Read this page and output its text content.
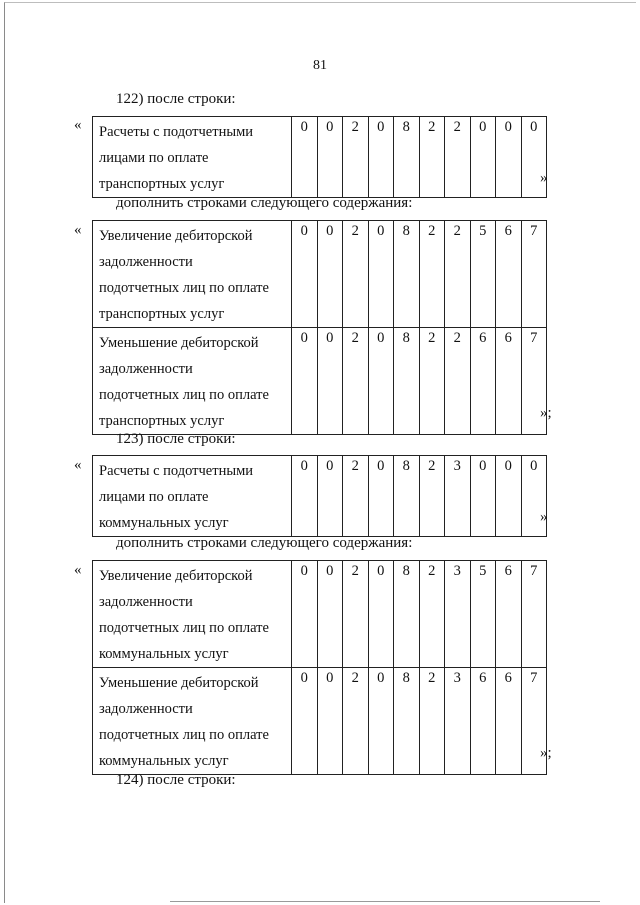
81
122) после строки:
« Расчеты с подотчетными
лицами по оплате
транспортных услуг
	0	0	2	0	8	2	2	0	0	0
»
дополнить строками следующего содержания:
« Увеличение дебиторской
задолженности
подотчетных лиц по оплате
транспортных услуг	0	0	2	0	8	2	2	5	6	7

Уменьшение дебиторской
задолженности
подотчетных лиц по оплате
транспортных услуг	0	0	2	0	8	2	2	6	6	7
»;
123) после строки:
« Расчеты с подотчетными
лицами по оплате
коммунальных услуг
	0	0	2	0	8	2	3	0	0	0
»
дополнить строками следующего содержания:
« Увеличение дебиторской
задолженности
подотчетных лиц по оплате
коммунальных услуг	0	0	2	0	8	2	3	5	6	7

Уменьшение дебиторской
задолженности
подотчетных лиц по оплате
коммунальных услуг	0	0	2	0	8	2	3	6	6	7
»;
124) после строки:
